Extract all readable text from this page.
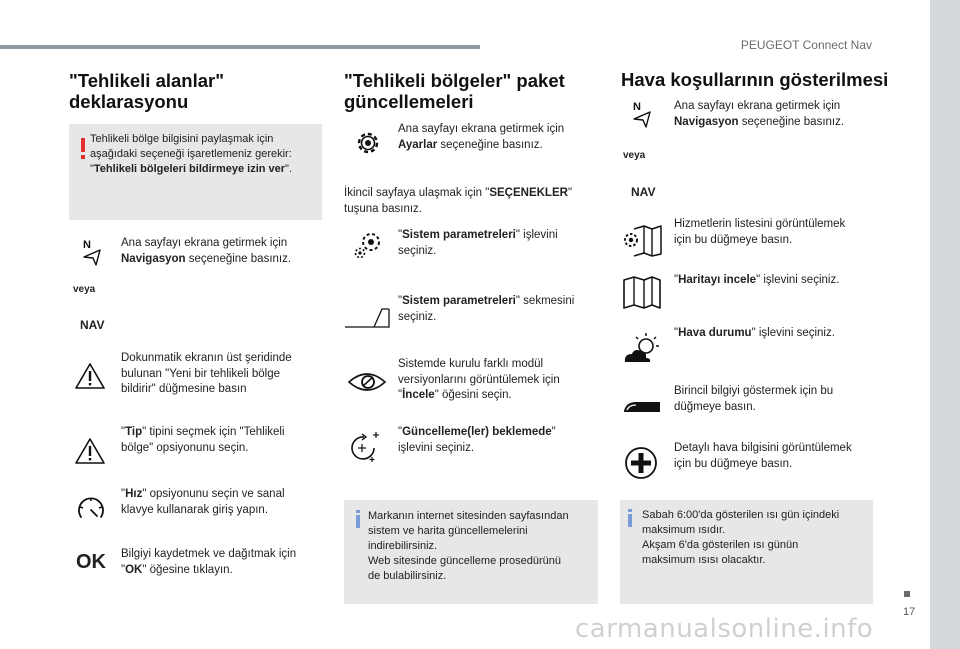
PEUGEOT Connect Nav
17
carmanualsonline.info
"Tehlikeli alanlar"
deklarasyonu
Tehlikeli bölge bilgisini paylaşmak için
aşağıdaki seçeneği işaretlemeniz gerekir:
"Tehlikeli bölgeleri bildirmeye izin ver".
N	Ana sayfayı ekrana getirmek için
Navigasyon seçeneğine basınız.
veya
NAV
Dokunmatik ekranın üst şeridinde
bulunan "Yeni bir tehlikeli bölge
bildirir" düğmesine basın
"Tip" tipini seçmek için "Tehlikeli
bölge" opsiyonunu seçin.
"Hız" opsiyonunu seçin ve sanal
klavye kullanarak giriş yapın.
OK Bilgiyi kaydetmek ve dağıtmak için
"OK" öğesine tıklayın.
"Tehlikeli bölgeler" paket
güncellemeleri
Ana sayfayı ekrana getirmek için
Ayarlar seçeneğine basınız.
İkincil sayfaya ulaşmak için "SEÇENEKLER"
tuşuna basınız.
"Sistem parametreleri" işlevini
seçiniz.
"Sistem parametreleri" sekmesini
seçiniz.
Sistemde kurulu farklı modül
versiyonlarını görüntülemek için
"İncele" öğesini seçin.
"Güncelleme(ler) beklemede"
işlevini seçiniz.
Markanın internet sitesinden sayfasından
sistem ve harita güncellemelerini
indirebilirsiniz.
Web sitesinde güncelleme prosedürünü
de bulabilirsiniz.
Hava koşullarının gösterilmesi
N	Ana sayfayı ekrana getirmek için
Navigasyon seçeneğine basınız.
veya
NAV
Hizmetlerin listesini görüntülemek
için bu düğmeye basın.
"Haritayı incele" işlevini seçiniz.
"Hava durumu" işlevini seçiniz.
Birincil bilgiyi göstermek için bu
düğmeye basın.
Detaylı hava bilgisini görüntülemek
için bu düğmeye basın.
Sabah 6:00'da gösterilen ısı gün içindeki
maksimum ısıdır.
Akşam 6'da gösterilen ısı günün
maksimum ısısı olacaktır.
